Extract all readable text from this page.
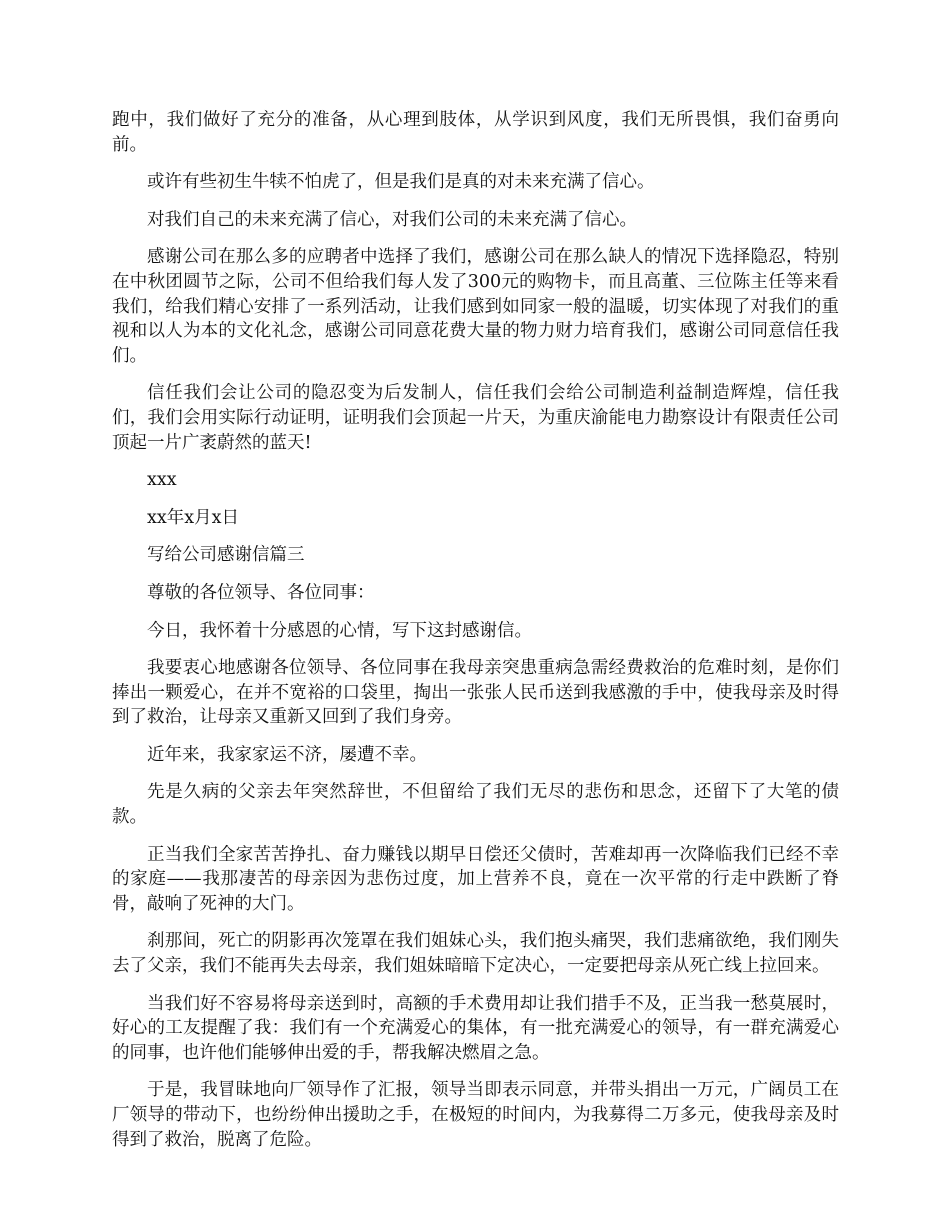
跑中，我们做好了充分的准备，从心理到肢体，从学识到风度，我们无所畏惧，我们奋勇向前。

或许有些初生牛犊不怕虎了，但是我们是真的对未来充满了信心。

对我们自己的未来充满了信心，对我们公司的未来充满了信心。

感谢公司在那么多的应聘者中选择了我们，感谢公司在那么缺人的情况下选择隐忍，特别在中秋团圆节之际，公司不但给我们每人发了300元的购物卡，而且高董、三位陈主任等来看我们，给我们精心安排了一系列活动，让我们感到如同家一般的温暖，切实体现了对我们的重视和以人为本的文化礼念，感谢公司同意花费大量的物力财力培育我们，感谢公司同意信任我们。

信任我们会让公司的隐忍变为后发制人，信任我们会给公司制造利益制造辉煌，信任我们，我们会用实际行动证明，证明我们会顶起一片天，为重庆渝能电力勘察设计有限责任公司顶起一片广袤蔚然的蓝天!

xxx

xx年x月x日

写给公司感谢信篇三

尊敬的各位领导、各位同事：

今日，我怀着十分感恩的心情，写下这封感谢信。

我要衷心地感谢各位领导、各位同事在我母亲突患重病急需经费救治的危难时刻，是你们捧出一颗爱心，在并不宽裕的口袋里，掏出一张张人民币送到我感激的手中，使我母亲及时得到了救治，让母亲又重新又回到了我们身旁。

近年来，我家家运不济，屡遭不幸。

先是久病的父亲去年突然辞世，不但留给了我们无尽的悲伤和思念，还留下了大笔的债款。

正当我们全家苦苦挣扎、奋力赚钱以期早日偿还父债时，苦难却再一次降临我们已经不幸的家庭——我那凄苦的母亲因为悲伤过度，加上营养不良，竟在一次平常的行走中跌断了脊骨，敲响了死神的大门。

刹那间，死亡的阴影再次笼罩在我们姐妹心头，我们抱头痛哭，我们悲痛欲绝，我们刚失去了父亲，我们不能再失去母亲，我们姐妹暗暗下定决心，一定要把母亲从死亡线上拉回来。

当我们好不容易将母亲送到时，高额的手术费用却让我们措手不及，正当我一愁莫展时，好心的工友提醒了我：我们有一个充满爱心的集体，有一批充满爱心的领导，有一群充满爱心的同事，也许他们能够伸出爱的手，帮我解决燃眉之急。

于是，我冒昧地向厂领导作了汇报，领导当即表示同意，并带头捐出一万元，广阔员工在厂领导的带动下，也纷纷伸出援助之手，在极短的时间内，为我募得二万多元，使我母亲及时得到了救治，脱离了危险。
